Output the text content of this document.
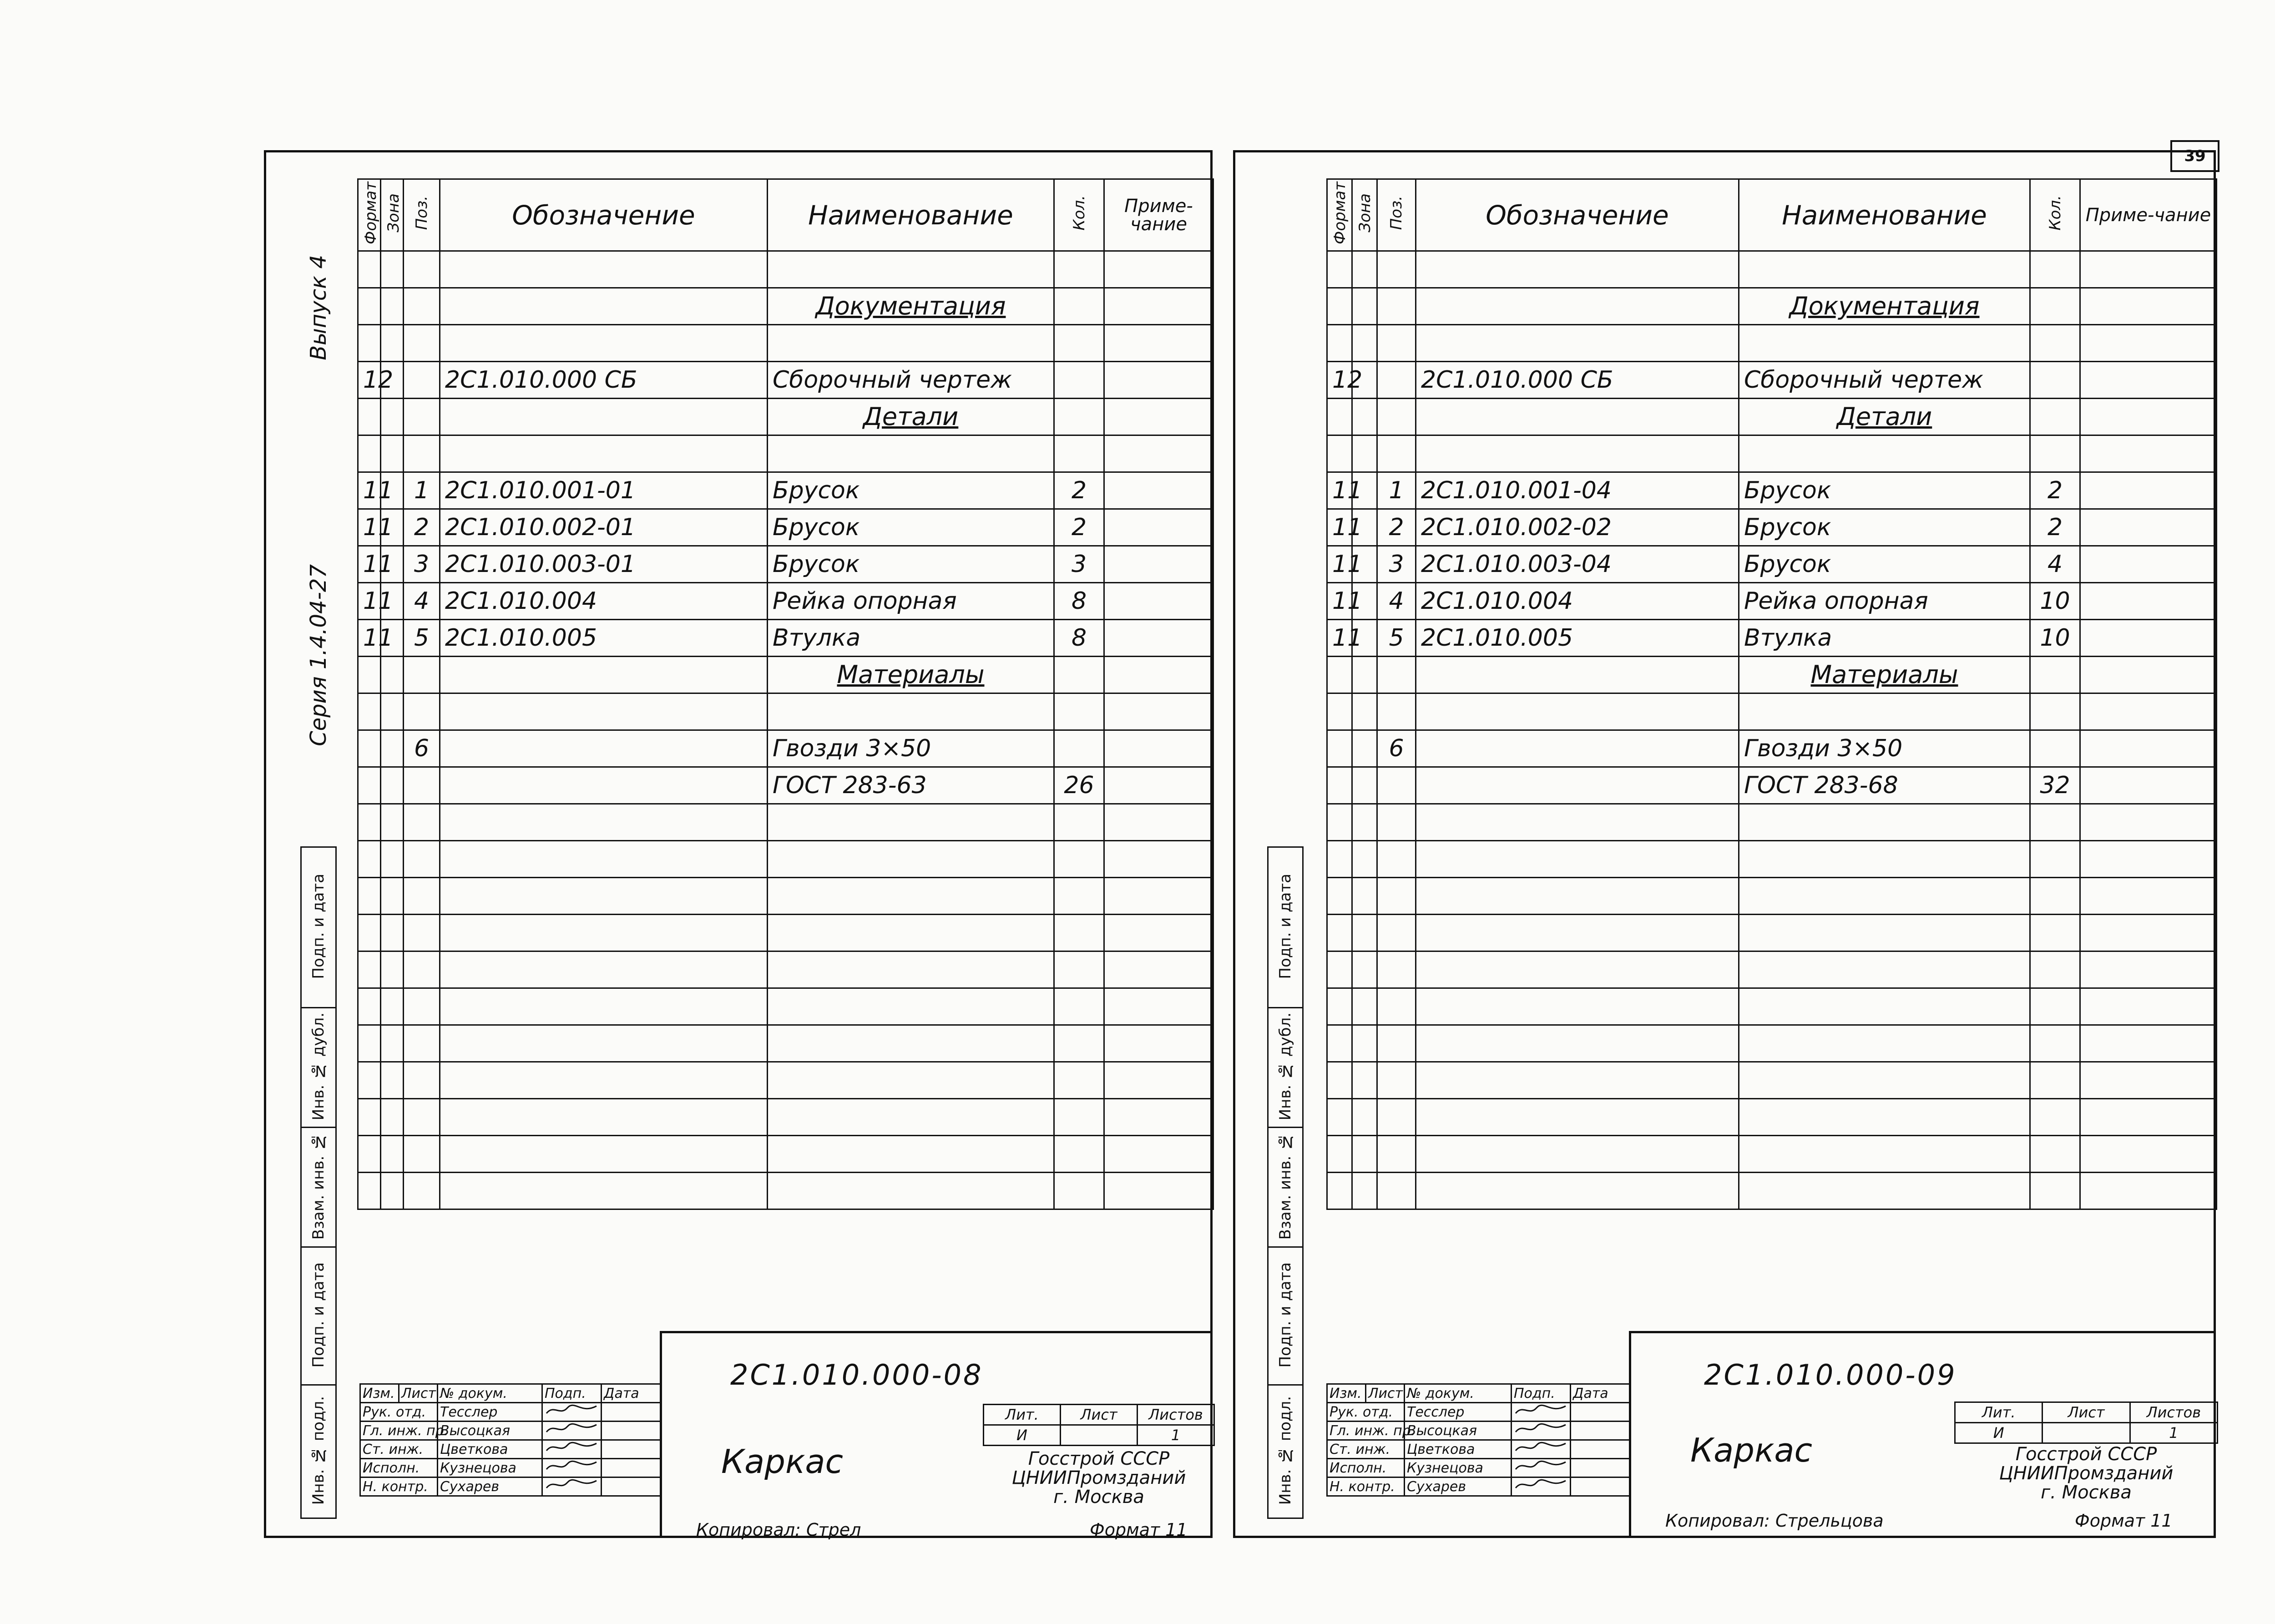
39
Выпуск 4
Серия 1.4.04-27
Подп. и дата
Инв. № дубл.
Взам. инв. №
Подп. и дата
Инв. № подл.
Формат	Зона	Поз.	Обозначение	Наименование	Кол.	Приме-чание

				Документация		

12			2С1.010.000 СБ	Сборочный чертеж		
				Детали		

11		1	2С1.010.001-01	Брусок	2	
11		2	2С1.010.002-01	Брусок	2	
11		3	2С1.010.003-01	Брусок	3	
11		4	2С1.010.004	Рейка опорная	8	
11		5	2С1.010.005	Втулка	8	
				Материалы		

		6		Гвозди 3×50		
				ГОСТ 283-63	26	

2С1.010.000-08
Каркас
Лит.	Лист	Листов
И		1
Госстрой СССР
ЦНИИПромзданий
г. Москва
Изм.	Лист	№ докум.	Подп.	Дата
Рук. отд.		Тесслер		
Гл. инж. пр.		Высоцкая		
Ст. инж.		Цветкова		
Исполн.		Кузнецова		
Н. контр.		Сухарев		
Копировал: Стрел	Формат 11
Подп. и дата
Инв. № дубл.
Взам. инв. №
Подп. и дата
Инв. № подл.
Формат	Зона	Поз.	Обозначение	Наименование	Кол.	Приме-чание

				Документация		

12			2С1.010.000 СБ	Сборочный чертеж		
				Детали		

11		1	2С1.010.001-04	Брусок	2	
11		2	2С1.010.002-02	Брусок	2	
11		3	2С1.010.003-04	Брусок	4	
11		4	2С1.010.004	Рейка опорная	10	
11		5	2С1.010.005	Втулка	10	
				Материалы		

		6		Гвозди 3×50		
				ГОСТ 283-68	32	

2С1.010.000-09
Каркас
Лит.	Лист	Листов
И		1
Госстрой СССР
ЦНИИПромзданий
г. Москва
Изм.	Лист	№ докум.	Подп.	Дата
Рук. отд.		Тесслер		
Гл. инж. пр.		Высоцкая		
Ст. инж.		Цветкова		
Исполн.		Кузнецова		
Н. контр.		Сухарев		
Копировал: Стрельцова	Формат 11
